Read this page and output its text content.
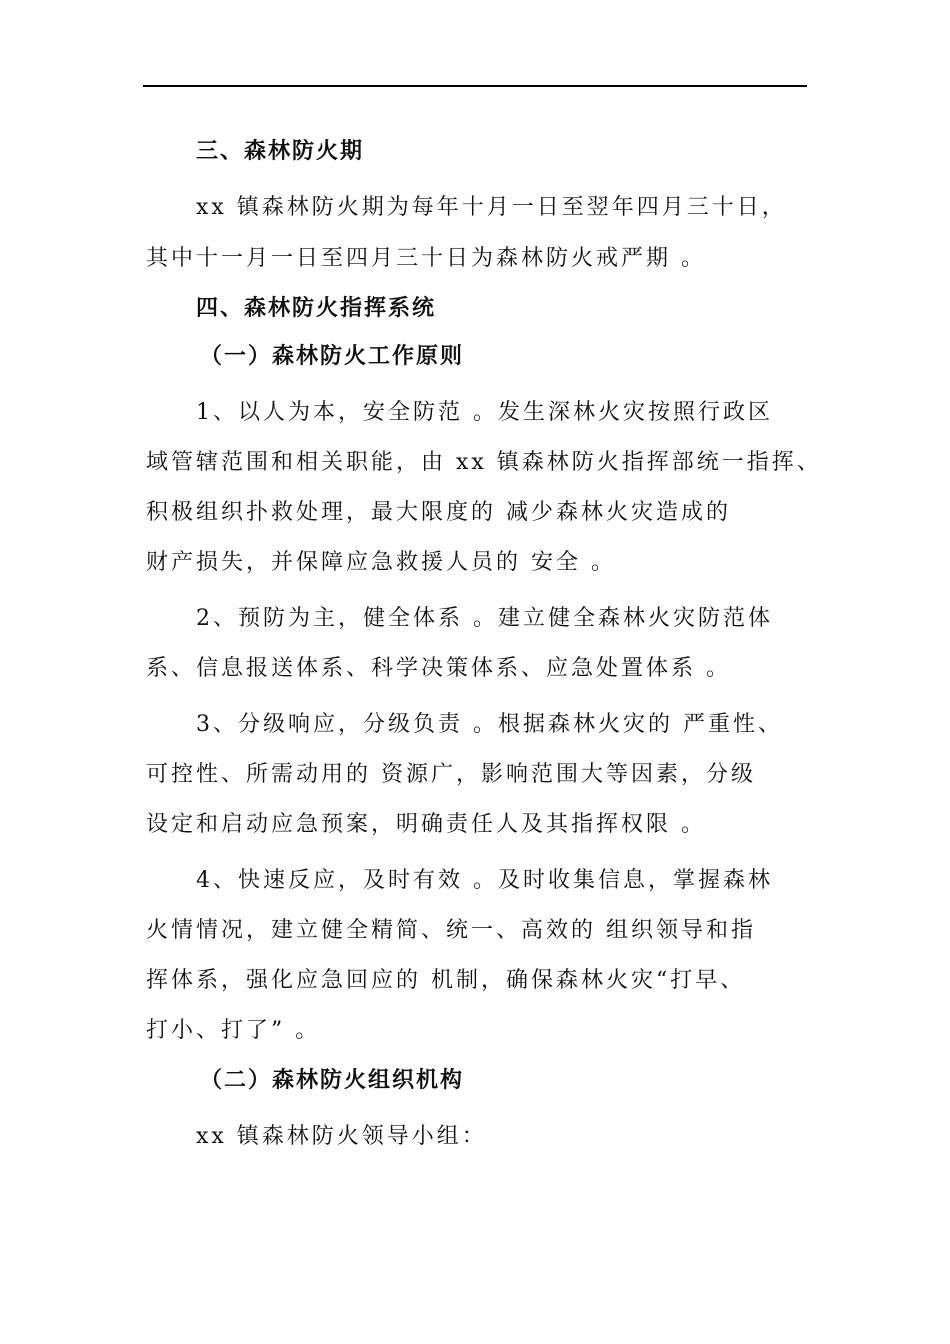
三、森林防火期
xx 镇森林防火期为每年十月一日至翌年四月三十日，
其中十一月一日至四月三十日为森林防火戒严期 。
四、森林防火指挥系统
（一）森林防火工作原则
1、以人为本，安全防范 。发生深林火灾按照行政区
域管辖范围和相关职能，由 xx 镇森林防火指挥部统一指挥、
积极组织扑救处理，最大限度的 减少森林火灾造成的
财产损失，并保障应急救援人员的 安全 。
2、预防为主，健全体系 。建立健全森林火灾防范体
系、信息报送体系、科学决策体系、应急处置体系 。
3、分级响应，分级负责 。根据森林火灾的 严重性、
可控性、所需动用的 资源广，影响范围大等因素，分级
设定和启动应急预案，明确责任人及其指挥权限 。
4、快速反应，及时有效 。及时收集信息，掌握森林
火情情况，建立健全精简、统一、高效的 组织领导和指
挥体系，强化应急回应的 机制，确保森林火灾“打早、
打小、打了” 。
（二）森林防火组织机构
xx 镇森林防火领导小组：
